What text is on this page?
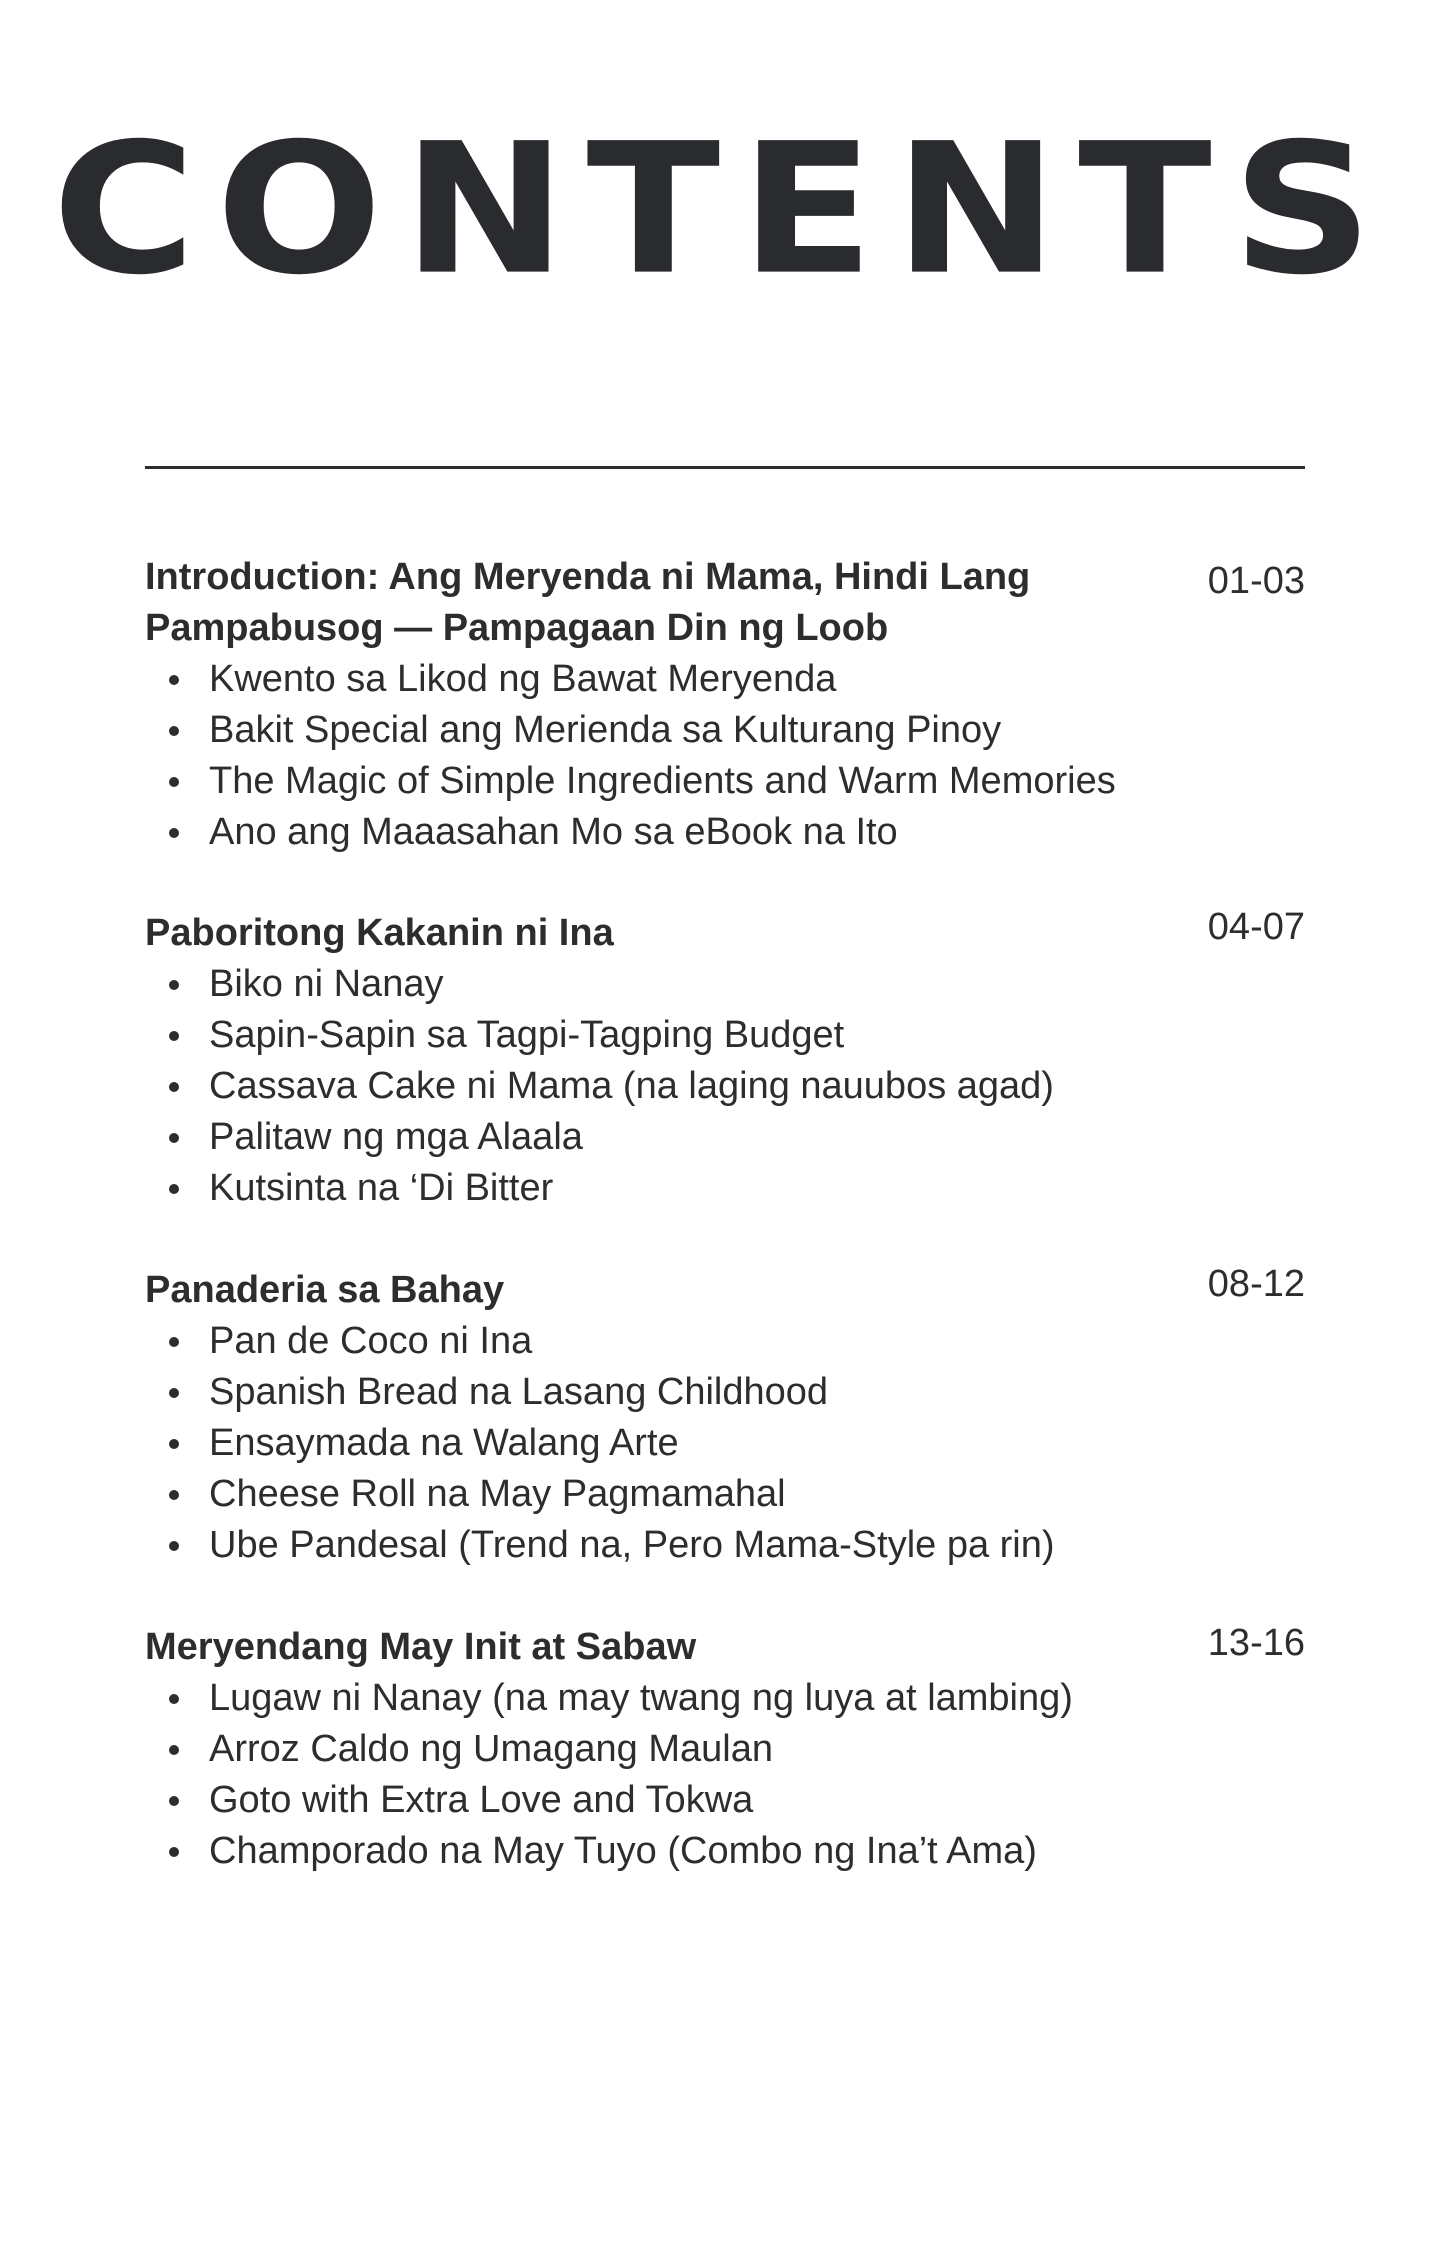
CONTENTS
Introduction: Ang Meryenda ni Mama, Hindi Lang Pampabusog — Pampagaan Din ng Loob
01-03
Kwento sa Likod ng Bawat Meryenda
Bakit Special ang Merienda sa Kulturang Pinoy
The Magic of Simple Ingredients and Warm Memories
Ano ang Maaasahan Mo sa eBook na Ito
Paboritong Kakanin ni Ina	04-07
Biko ni Nanay
Sapin-Sapin sa Tagpi-Tagping Budget
Cassava Cake ni Mama (na laging nauubos agad)
Palitaw ng mga Alaala
Kutsinta na ‘Di Bitter
Panaderia sa Bahay	08-12
Pan de Coco ni Ina
Spanish Bread na Lasang Childhood
Ensaymada na Walang Arte
Cheese Roll na May Pagmamahal
Ube Pandesal (Trend na, Pero Mama-Style pa rin)
Meryendang May Init at Sabaw	13-16
Lugaw ni Nanay (na may twang ng luya at lambing)
Arroz Caldo ng Umagang Maulan
Goto with Extra Love and Tokwa
Champorado na May Tuyo (Combo ng Ina’t Ama)
